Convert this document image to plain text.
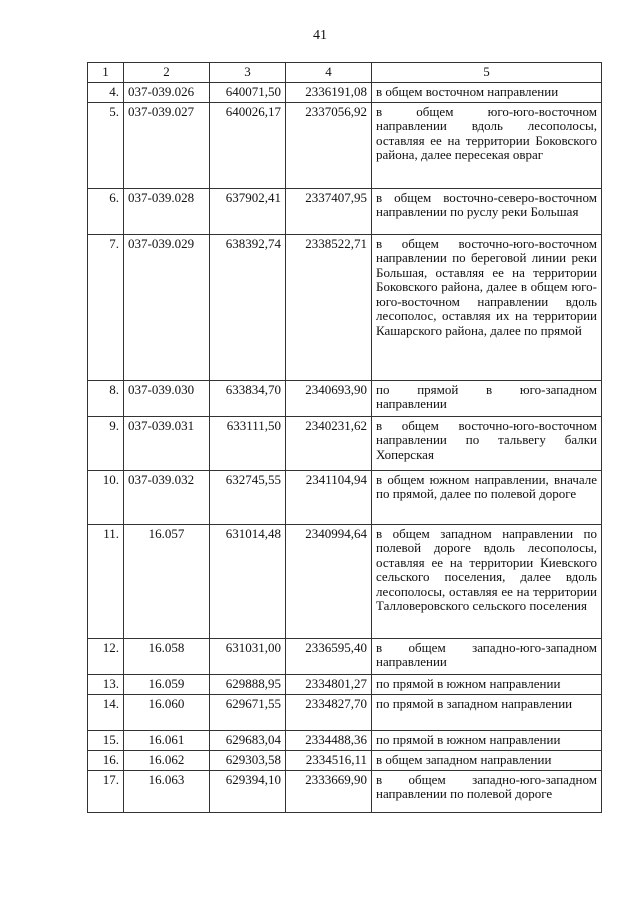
41
1	2	3	4	5
4.	037-039.026	640071,50	2336191,08	в общем восточном направлении
5.	037-039.027	640026,17	2337056,92	в общем юго-юго-восточном направлении вдоль лесополосы, оставляя ее на территории Боковского района, далее пересекая овраг
6.	037-039.028	637902,41	2337407,95	в общем восточно-северо-восточном направлении по руслу реки Большая
7.	037-039.029	638392,74	2338522,71	в общем восточно-юго-восточном направлении по береговой линии реки Большая, оставляя ее на территории Боковского района, далее в общем юго-юго-восточном направлении вдоль лесополос, оставляя их на территории Кашарского района, далее по прямой
8.	037-039.030	633834,70	2340693,90	по прямой в юго-западном направлении
9.	037-039.031	633111,50	2340231,62	в общем восточно-юго-восточном направлении по тальвегу балки Хоперская
10.	037-039.032	632745,55	2341104,94	в общем южном направлении, вначале по прямой, далее по полевой дороге
11.	16.057	631014,48	2340994,64	в общем западном направлении по полевой дороге вдоль лесополосы, оставляя ее на территории Киевского сельского поселения, далее вдоль лесополосы, оставляя ее на территории Талловеровского сельского поселения
12.	16.058	631031,00	2336595,40	в общем западно-юго-западном направлении
13.	16.059	629888,95	2334801,27	по прямой в южном направлении
14.	16.060	629671,55	2334827,70	по прямой в западном направлении
15.	16.061	629683,04	2334488,36	по прямой в южном направлении
16.	16.062	629303,58	2334516,11	в общем западном направлении
17.	16.063	629394,10	2333669,90	в общем западно-юго-западном направлении по полевой дороге
